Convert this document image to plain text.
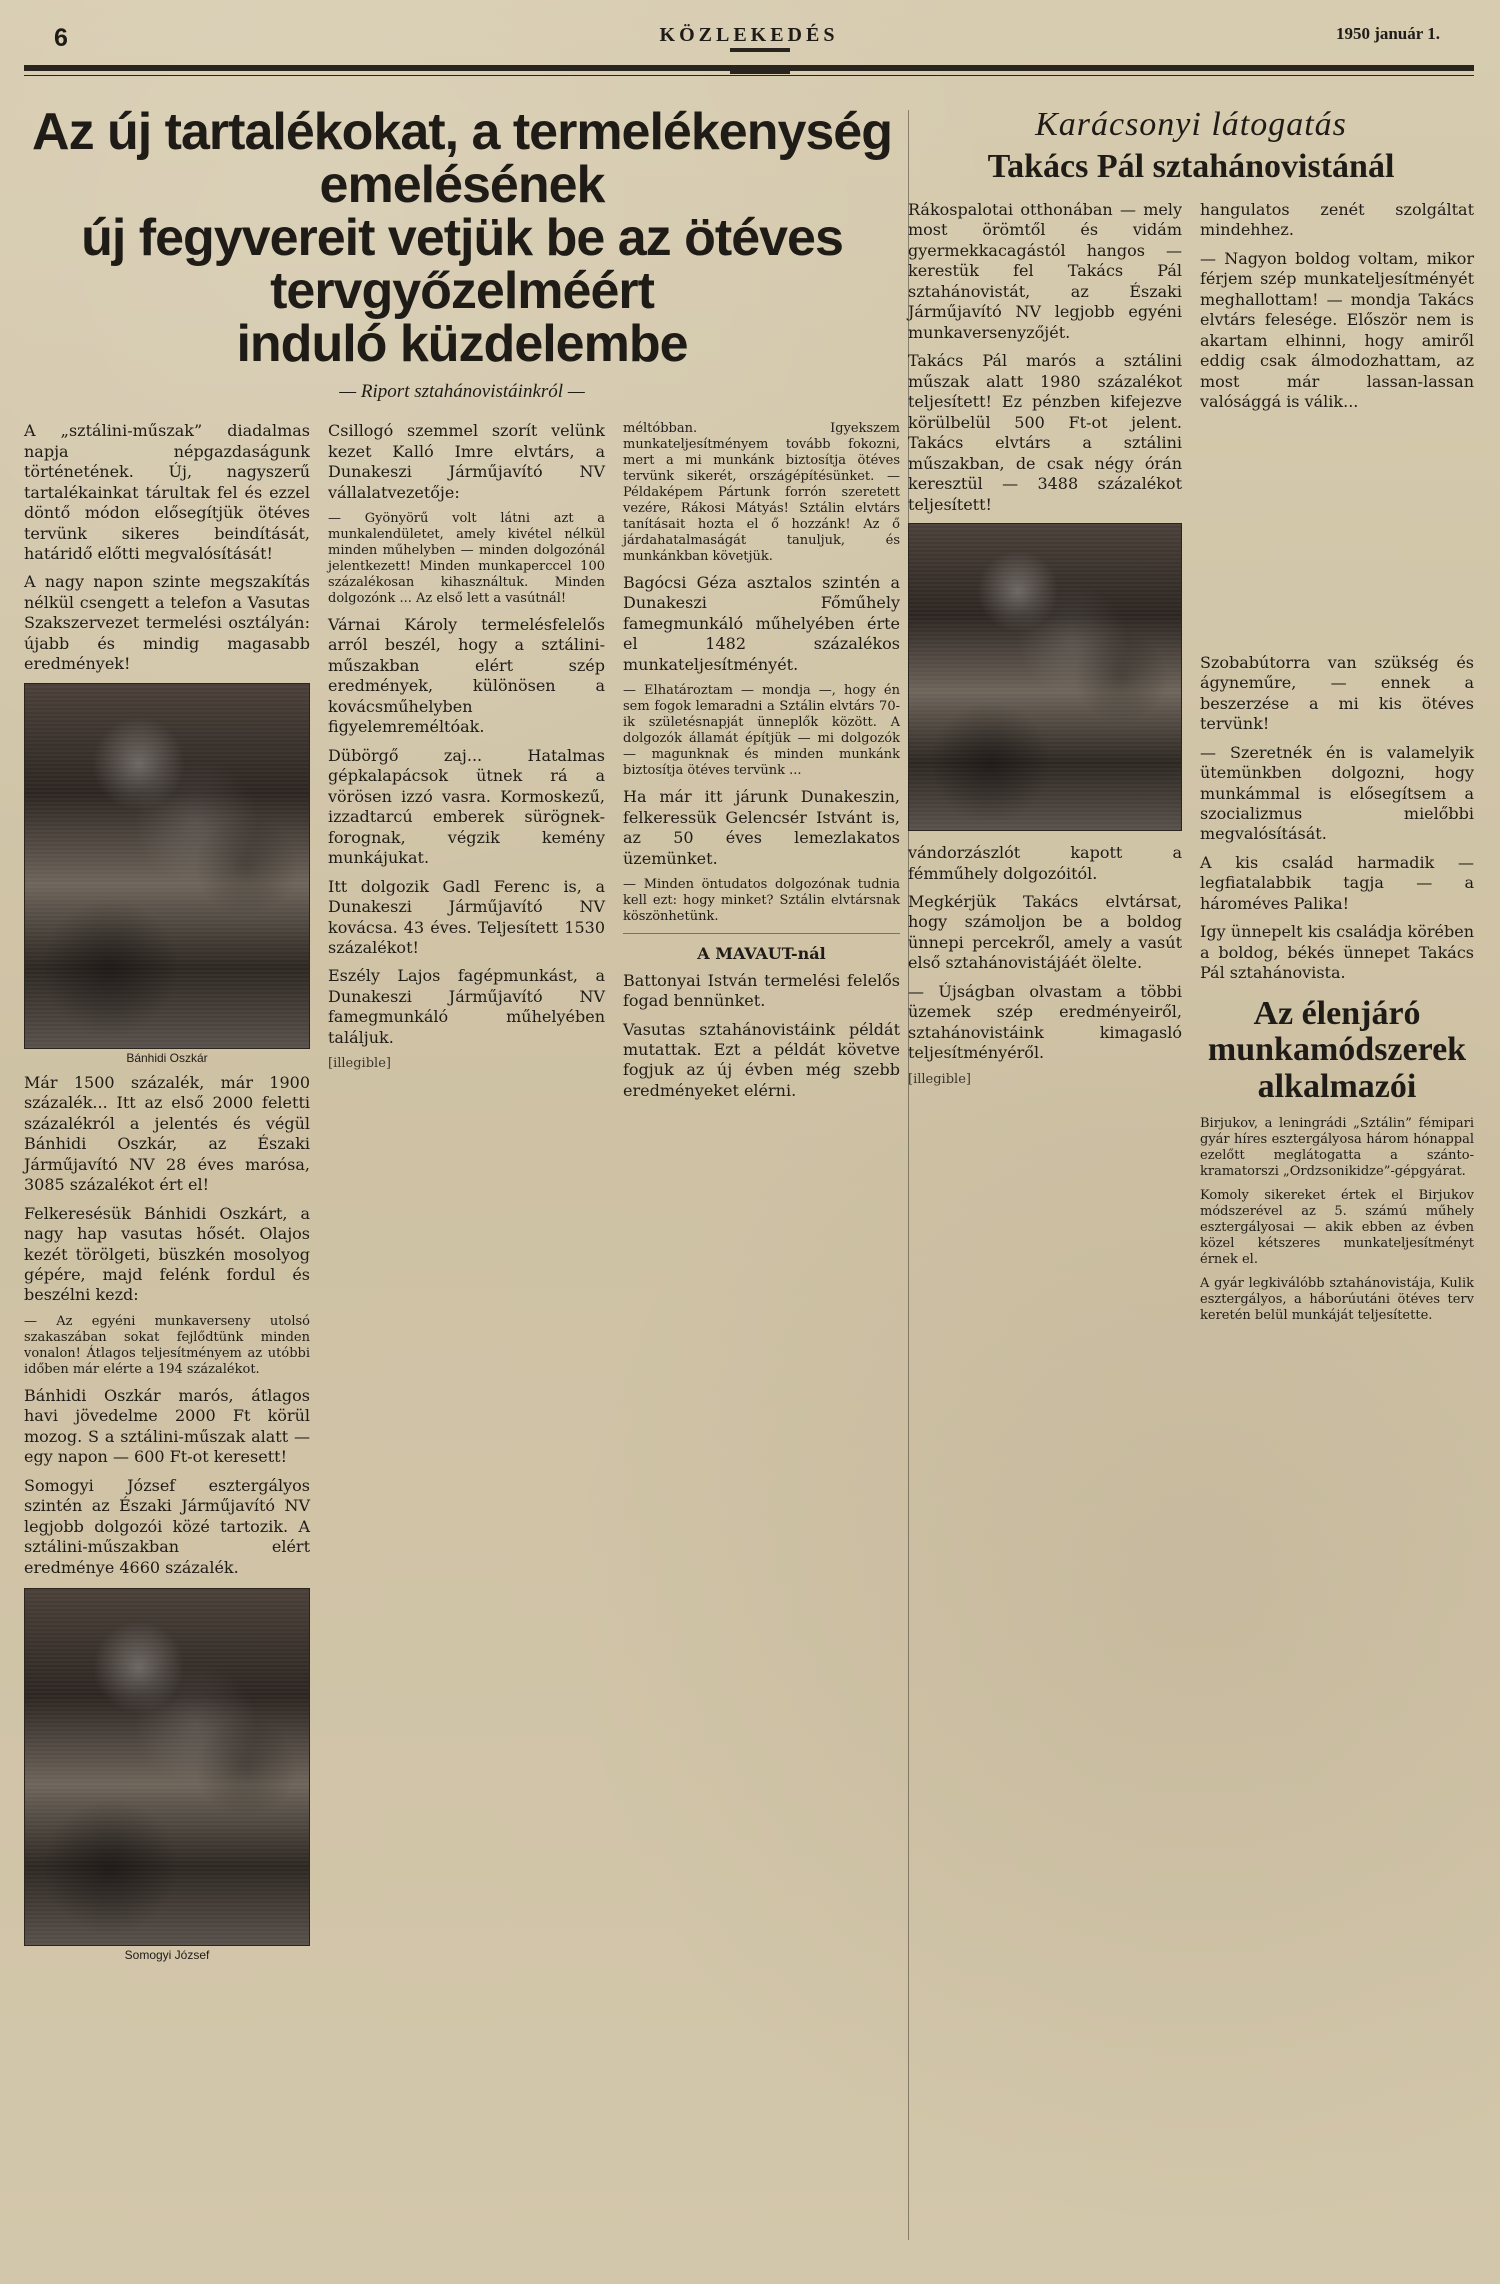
6	KÖZLEKEDÉS	1950 január 1.
Az új tartalékokat, a termelékenység emelésének
új fegyvereit vetjük be az ötéves tervgyőzelméért
induló küzdelembe
— Riport sztahánovistáinkról —

A „sztálini-műszak” diadalmas napja népgazdaságunk történetének. Új, nagyszerű tartalékainkat tárultak fel és ezzel döntő módon elősegítjük ötéves tervünk sikeres beindítását, határidő előtti megvalósítását!

A nagy napon szinte megszakítás nélkül csengett a telefon a Vasutas Szakszervezet termelési osztályán: újabb és mindig magasabb eredmények!

Bánhidi Oszkár

Már 1500 százalék, már 1900 százalék... Itt az első 2000 feletti százalékról a jelentés és végül Bánhidi Oszkár, az Északi Járműjavító NV 28 éves marósa, 3085 százalékot ért el!

Felkeresésük Bánhidi Oszkárt, a nagy hap vasutas hősét. Olajos kezét törölgeti, büszkén mosolyog gépére, majd felénk fordul és beszélni kezd:

— Az egyéni munkaverseny utolsó szakaszában sokat fejlődtünk minden vonalon! Átlagos teljesítményem az utóbbi időben már elérte a 194 százalékot.

Bánhidi Oszkár marós, átlagos havi jövedelme 2000 Ft körül mozog. S a sztálini-műszak alatt — egy napon — 600 Ft-ot keresett!

Somogyi József esztergályos szintén az Északi Járműjavító NV legjobb dolgozói közé tartozik. A sztálini-műszakban elért eredménye 4660 százalék.

Somogyi József

Csillogó szemmel szorít velünk kezet Kalló Imre elvtárs, a Dunakeszi Járműjavító NV vállalatvezetője:

— Gyönyörű volt látni azt a munkalendületet, amely kivétel nélkül minden műhelyben — minden dolgozónál jelentkezett! Minden munkaperccel 100 százalékosan kihasználtuk. Minden dolgozónk ... Az első lett a vasútnál!

Várnai Károly termelésfelelős arról beszél, hogy a sztálini-műszakban elért szép eredmények, különösen a kovácsműhelyben figyelemreméltóak.

Dübörgő zaj... Hatalmas gépkalapácsok ütnek rá a vörösen izzó vasra. Kormoskezű, izzadtarcú emberek sürögnek-forognak, végzik kemény munkájukat.

Itt dolgozik Gadl Ferenc is, a Dunakeszi Járműjavító NV kovácsa. 43 éves. Teljesített 1530 százalékot!

Eszély Lajos fagépmunkást, a Dunakeszi Járműjavító NV famegmunkáló műhelyében találjuk.

[illegible]

méltóbban. Igyekszem munkateljesítményem tovább fokozni, mert a mi munkánk biztosítja ötéves tervünk sikerét, országépítésünket. — Példaképem Pártunk forrón szeretett vezére, Rákosi Mátyás! Sztálin elvtárs tanításait hozta el ő hozzánk! Az ő járdahatalmaságát tanuljuk, és munkánkban követjük.

Bagócsi Géza asztalos szintén a Dunakeszi Főműhely famegmunkáló műhelyében érte el 1482 százalékos munkateljesítményét.

— Elhatároztam — mondja —, hogy én sem fogok lemaradni a Sztálin elvtárs 70-ik születésnapját ünneplők között. A dolgozók államát építjük — mi dolgozók — magunknak és minden munkánk biztosítja ötéves tervünk ...

Ha már itt járunk Dunakeszin, felkeressük Gelencsér Istvánt is, az 50 éves lemezlakatos üzemünket.

— Minden öntudatos dolgozónak tudnia kell ezt: hogy minket? Sztálin elvtársnak köszönhetünk.

A MAVAUT-nál

Battonyai István termelési felelős fogad bennünket.

Vasutas sztahánovistáink példát mutattak. Ezt a példát követve fogjuk az új évben még szebb eredményeket elérni.

Karácsonyi látogatás
Takács Pál sztahánovistánál

Rákospalotai otthonában — mely most örömtől és vidám gyermekkacagástól hangos — kerestük fel Takács Pál sztahánovistát, az Északi Járműjavító NV legjobb egyéni munkaversenyzőjét.

Takács Pál marós a sztálini műszak alatt 1980 százalékot teljesített! Ez pénzben kifejezve körülbelül 500 Ft-ot jelent. Takács elvtárs a sztálini műszakban, de csak négy órán keresztül — 3488 százalékot teljesített!

vándorzászlót kapott a fémműhely dolgozóitól.

Megkérjük Takács elvtársat, hogy számoljon be a boldog ünnepi percekről, amely a vasút első sztahánovistájáét ölelte.

— Újságban olvastam a többi üzemek szép eredményeiről, sztahánovistáink kimagasló teljesítményéről.

[illegible]

hangulatos zenét szolgáltat mindehhez.

— Nagyon boldog voltam, mikor férjem szép munkateljesítményét meghallottam! — mondja Takács elvtárs felesége. Először nem is akartam elhinni, hogy amiről eddig csak álmodozhattam, az most már lassan-lassan valósággá is válik...

Szobabútorra van szükség és ágyneműre, — ennek a beszerzése a mi kis ötéves tervünk!

— Szeretnék én is valamelyik ütemünkben dolgozni, hogy munkámmal is elősegítsem a szocializmus mielőbbi megvalósítását.

A kis család harmadik — legfiatalabbik tagja — a hároméves Palika!

Igy ünnepelt kis családja körében a boldog, békés ünnepet Takács Pál sztahánovista.

Az élenjáró munkamódszerek alkalmazói

Birjukov, a leningrádi „Sztálin” fémipari gyár híres esztergályosa három hónappal ezelőtt meglátogatta a szánto-kramatorszi „Ordzsonikidze”-gépgyárat.

Komoly sikereket értek el Birjukov módszerével az 5. számú műhely esztergályosai — akik ebben az évben közel kétszeres munkateljesítményt érnek el.

A gyár legkiválóbb sztahánovistája, Kulik esztergályos, a háborúutáni ötéves terv keretén belül munkáját teljesítette.
